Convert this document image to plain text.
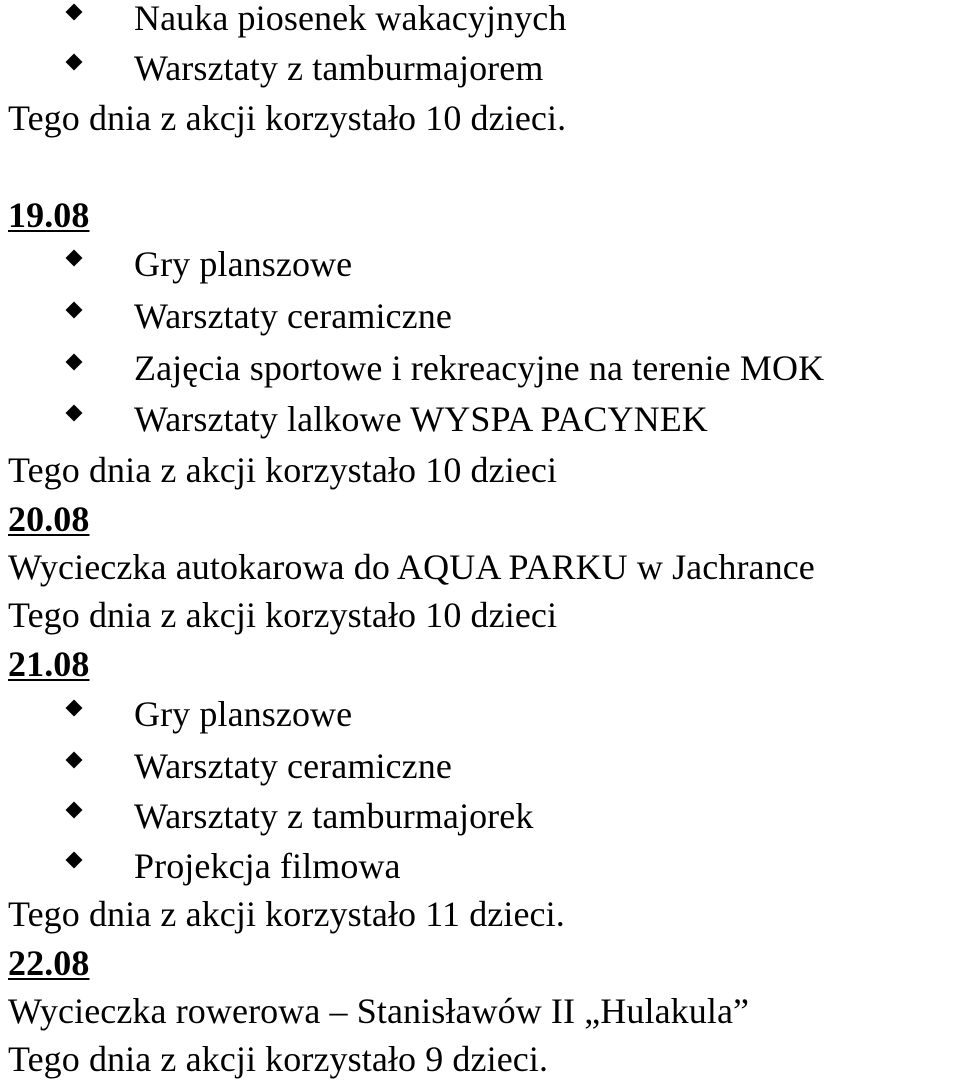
Nauka piosenek wakacyjnych
Warsztaty z tamburmajorem
Tego dnia z akcji korzystało 10 dzieci.
19.08
Gry planszowe
Warsztaty ceramiczne
Zajęcia sportowe i rekreacyjne na terenie MOK
Warsztaty lalkowe WYSPA PACYNEK
Tego dnia z akcji korzystało 10 dzieci
20.08
Wycieczka autokarowa do AQUA PARKU w Jachrance
Tego dnia z akcji korzystało 10 dzieci
21.08
Gry planszowe
Warsztaty ceramiczne
Warsztaty z tamburmajorek
Projekcja filmowa
Tego dnia z akcji korzystało 11 dzieci.
22.08
Wycieczka rowerowa – Stanisławów II „Hulakula”
Tego dnia z akcji korzystało 9 dzieci.
